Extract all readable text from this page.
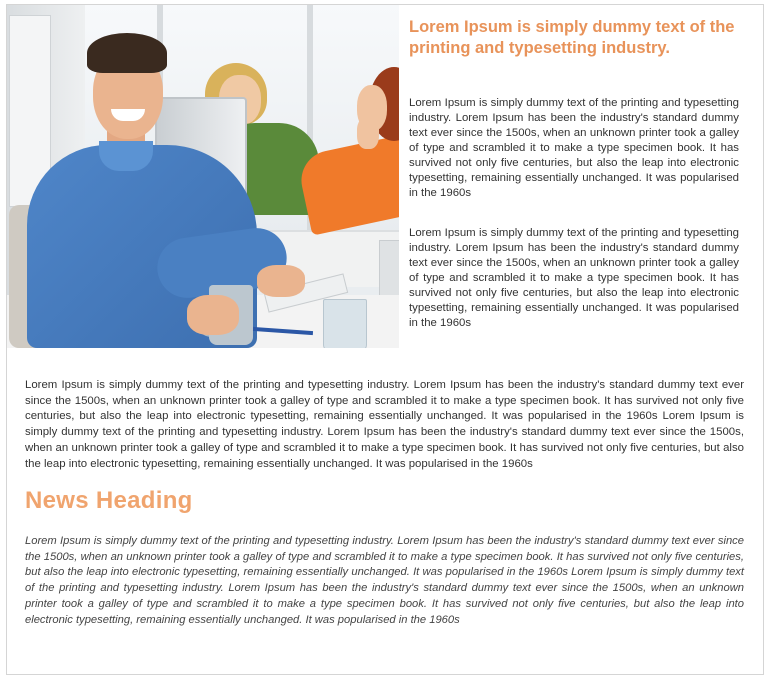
Lorem Ipsum is simply dummy text of the printing and typesetting industry.

Lorem Ipsum is simply dummy text of the printing and typesetting industry. Lorem Ipsum has been the industry's standard dummy text ever since the 1500s, when an unknown printer took a galley of type and scrambled it to make a type specimen book. It has survived not only five centuries, but also the leap into electronic typesetting, remaining essentially unchanged. It was popularised in the 1960s

Lorem Ipsum is simply dummy text of the printing and typesetting industry. Lorem Ipsum has been the industry's standard dummy text ever since the 1500s, when an unknown printer took a galley of type and scrambled it to make a type specimen book. It has survived not only five centuries, but also the leap into electronic typesetting, remaining essentially unchanged. It was popularised in the 1960s

Lorem Ipsum is simply dummy text of the printing and typesetting industry. Lorem Ipsum has been the industry's standard dummy text ever since the 1500s, when an unknown printer took a galley of type and scrambled it to make a type specimen book. It has survived not only five centuries, but also the leap into electronic typesetting, remaining essentially unchanged. It was popularised in the 1960s Lorem Ipsum is simply dummy text of the printing and typesetting industry. Lorem Ipsum has been the industry's standard dummy text ever since the 1500s, when an unknown printer took a galley of type and scrambled it to make a type specimen book. It has survived not only five centuries, but also the leap into electronic typesetting, remaining essentially unchanged. It was popularised in the 1960s

News Heading

Lorem Ipsum is simply dummy text of the printing and typesetting industry. Lorem Ipsum has been the industry's standard dummy text ever since the 1500s, when an unknown printer took a galley of type and scrambled it to make a type specimen book. It has survived not only five centuries, but also the leap into electronic typesetting, remaining essentially unchanged. It was popularised in the 1960s Lorem Ipsum is simply dummy text of the printing and typesetting industry. Lorem Ipsum has been the industry's standard dummy text ever since the 1500s, when an unknown printer took a galley of type and scrambled it to make a type specimen book. It has survived not only five centuries, but also the leap into electronic typesetting, remaining essentially unchanged. It was popularised in the 1960s
